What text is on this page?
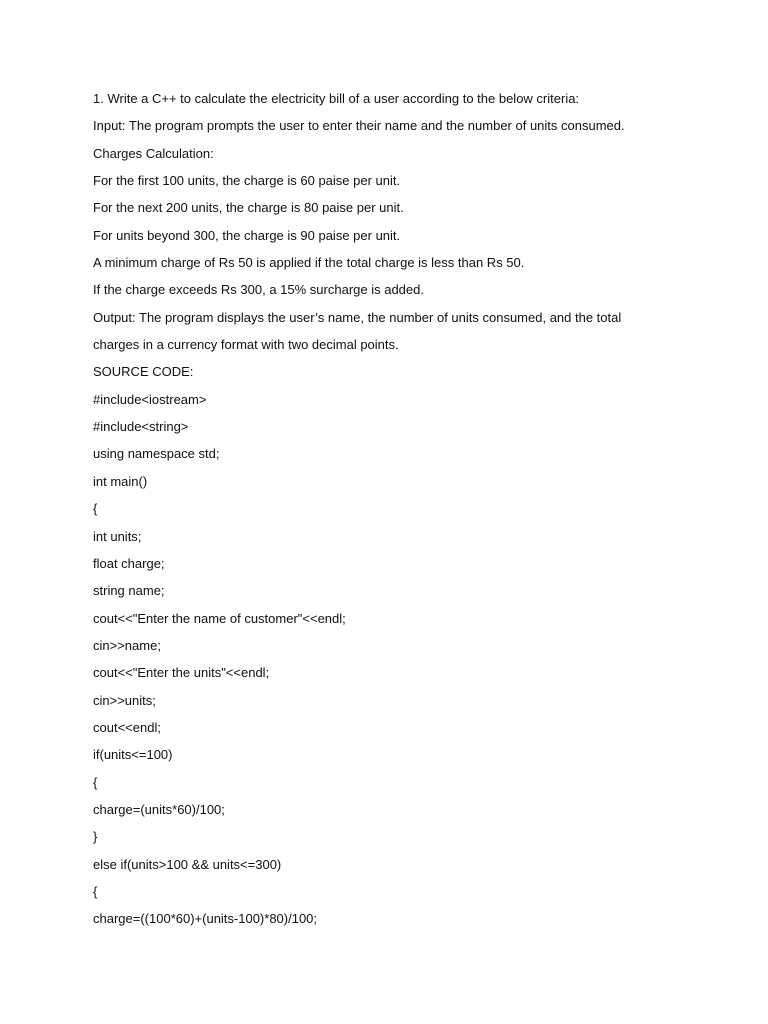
1. Write a C++ to calculate the electricity bill of a user according to the below criteria:
Input: The program prompts the user to enter their name and the number of units consumed.
Charges Calculation:
For the first 100 units, the charge is 60 paise per unit.
For the next 200 units, the charge is 80 paise per unit.
For units beyond 300, the charge is 90 paise per unit.
A minimum charge of Rs 50 is applied if the total charge is less than Rs 50.
If the charge exceeds Rs 300, a 15% surcharge is added.
Output: The program displays the user’s name, the number of units consumed, and the total
charges in a currency format with two decimal points.
SOURCE CODE:
#include<iostream>
#include<string>
using namespace std;
int main()
{
int units;
float charge;
string name;
cout<<"Enter the name of customer"<<endl;
cin>>name;
cout<<"Enter the units"<<endl;
cin>>units;
cout<<endl;
if(units<=100)
{
charge=(units*60)/100;
}
else if(units>100 && units<=300)
{
charge=((100*60)+(units-100)*80)/100;
